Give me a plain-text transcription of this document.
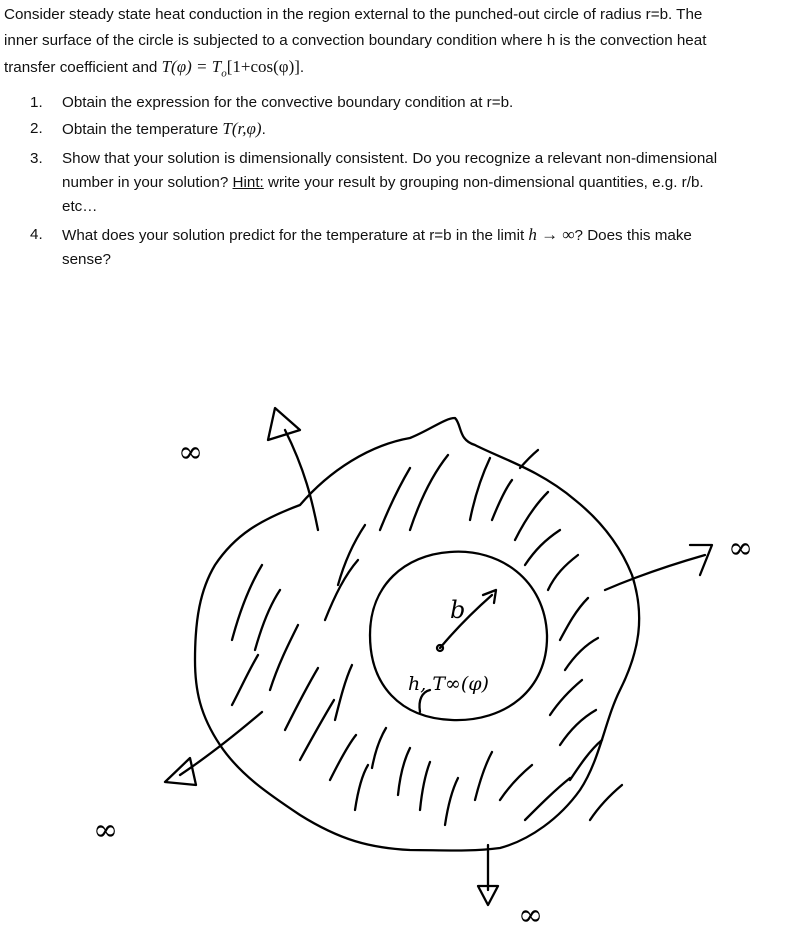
Consider steady state heat conduction in the region external to the punched-out circle of radius r=b. The
inner surface of the circle is subjected to a convection boundary condition where h is the convection heat
transfer coefficient and $T(\varphi) = T_o[1+\cos(\varphi)]$.
1. Obtain the expression for the convective boundary condition at r=b.
2. Obtain the temperature T(r,φ).
3. Show that your solution is dimensionally consistent. Do you recognize a relevant non-dimensional
number in your solution? Hint: write your result by grouping non-dimensional quantities, e.g. r/b.
etc…
4. What does your solution predict for the temperature at r=b in the limit h → ∞? Does this make
sense?
b
h, T∞(φ)
∞
∞
∞
∞
